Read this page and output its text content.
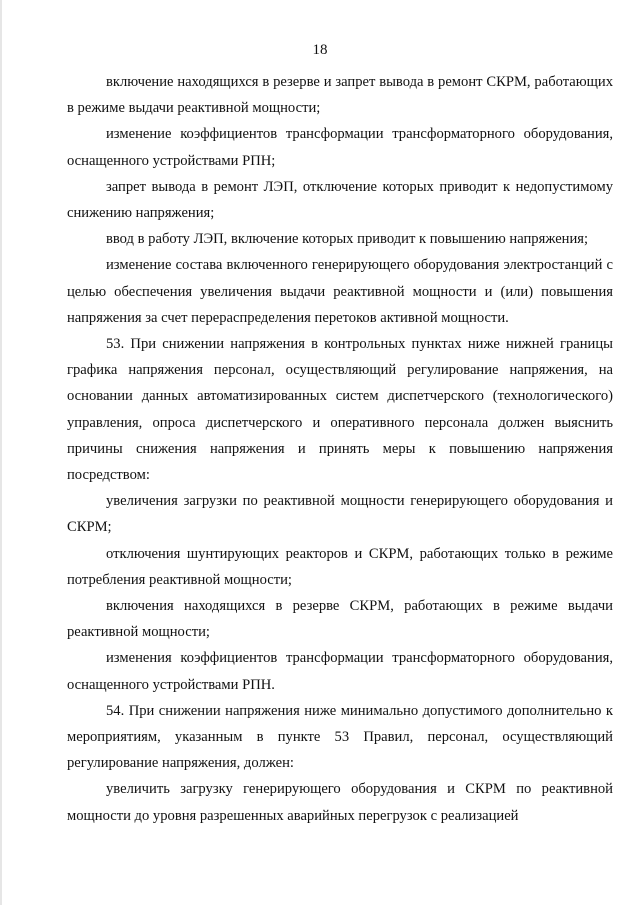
18

включение находящихся в резерве и запрет вывода в ремонт СКРМ, работающих в режиме выдачи реактивной мощности;

изменение коэффициентов трансформации трансформаторного оборудования, оснащенного устройствами РПН;

запрет вывода в ремонт ЛЭП, отключение которых приводит к недопустимому снижению напряжения;

ввод в работу ЛЭП, включение которых приводит к повышению напряжения;

изменение состава включенного генерирующего оборудования электростанций с целью обеспечения увеличения выдачи реактивной мощности и (или) повышения напряжения за счет перераспределения перетоков активной мощности.

53. При снижении напряжения в контрольных пунктах ниже нижней границы графика напряжения персонал, осуществляющий регулирование напряжения, на основании данных автоматизированных систем диспетчерского (технологического) управления, опроса диспетчерского и оперативного персонала должен выяснить причины снижения напряжения и принять меры к повышению напряжения посредством:

увеличения загрузки по реактивной мощности генерирующего оборудования и СКРМ;

отключения шунтирующих реакторов и СКРМ, работающих только в режиме потребления реактивной мощности;

включения находящихся в резерве СКРМ, работающих в режиме выдачи реактивной мощности;

изменения коэффициентов трансформации трансформаторного оборудования, оснащенного устройствами РПН.

54. При снижении напряжения ниже минимально допустимого дополнительно к мероприятиям, указанным в пункте 53 Правил, персонал, осуществляющий регулирование напряжения, должен:

увеличить загрузку генерирующего оборудования и СКРМ по реактивной мощности до уровня разрешенных аварийных перегрузок с реализацией
